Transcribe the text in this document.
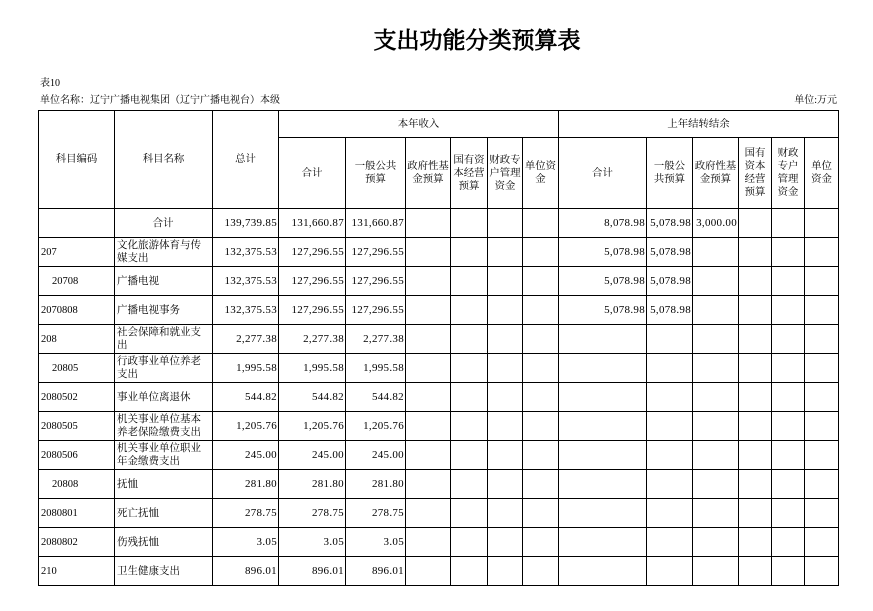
支出功能分类预算表
表10
单位名称：辽宁广播电视集团（辽宁广播电视台）本级	单位:万元
科目编码	科目名称	总计	本年收入						上年结转结余					
			合计	一般公共预算	政府性基金预算	国有资本经营预算	财政专户管理资金	单位资金	合计	一般公共预算	政府性基金预算	国有资本经营预算	财政专户管理资金	单位资金
	合计	139,739.85	131,660.87	131,660.87					8,078.98	5,078.98	3,000.00			
207	文化旅游体育与传媒支出	132,375.53	127,296.55	127,296.55					5,078.98	5,078.98				
20708	广播电视	132,375.53	127,296.55	127,296.55					5,078.98	5,078.98				
2070808	广播电视事务	132,375.53	127,296.55	127,296.55					5,078.98	5,078.98				
208	社会保障和就业支出	2,277.38	2,277.38	2,277.38										
20805	行政事业单位养老支出	1,995.58	1,995.58	1,995.58										
2080502	事业单位离退休	544.82	544.82	544.82										
2080505	机关事业单位基本养老保险缴费支出	1,205.76	1,205.76	1,205.76										
2080506	机关事业单位职业年金缴费支出	245.00	245.00	245.00										
20808	抚恤	281.80	281.80	281.80										
2080801	死亡抚恤	278.75	278.75	278.75										
2080802	伤残抚恤	3.05	3.05	3.05										
210	卫生健康支出	896.01	896.01	896.01										
